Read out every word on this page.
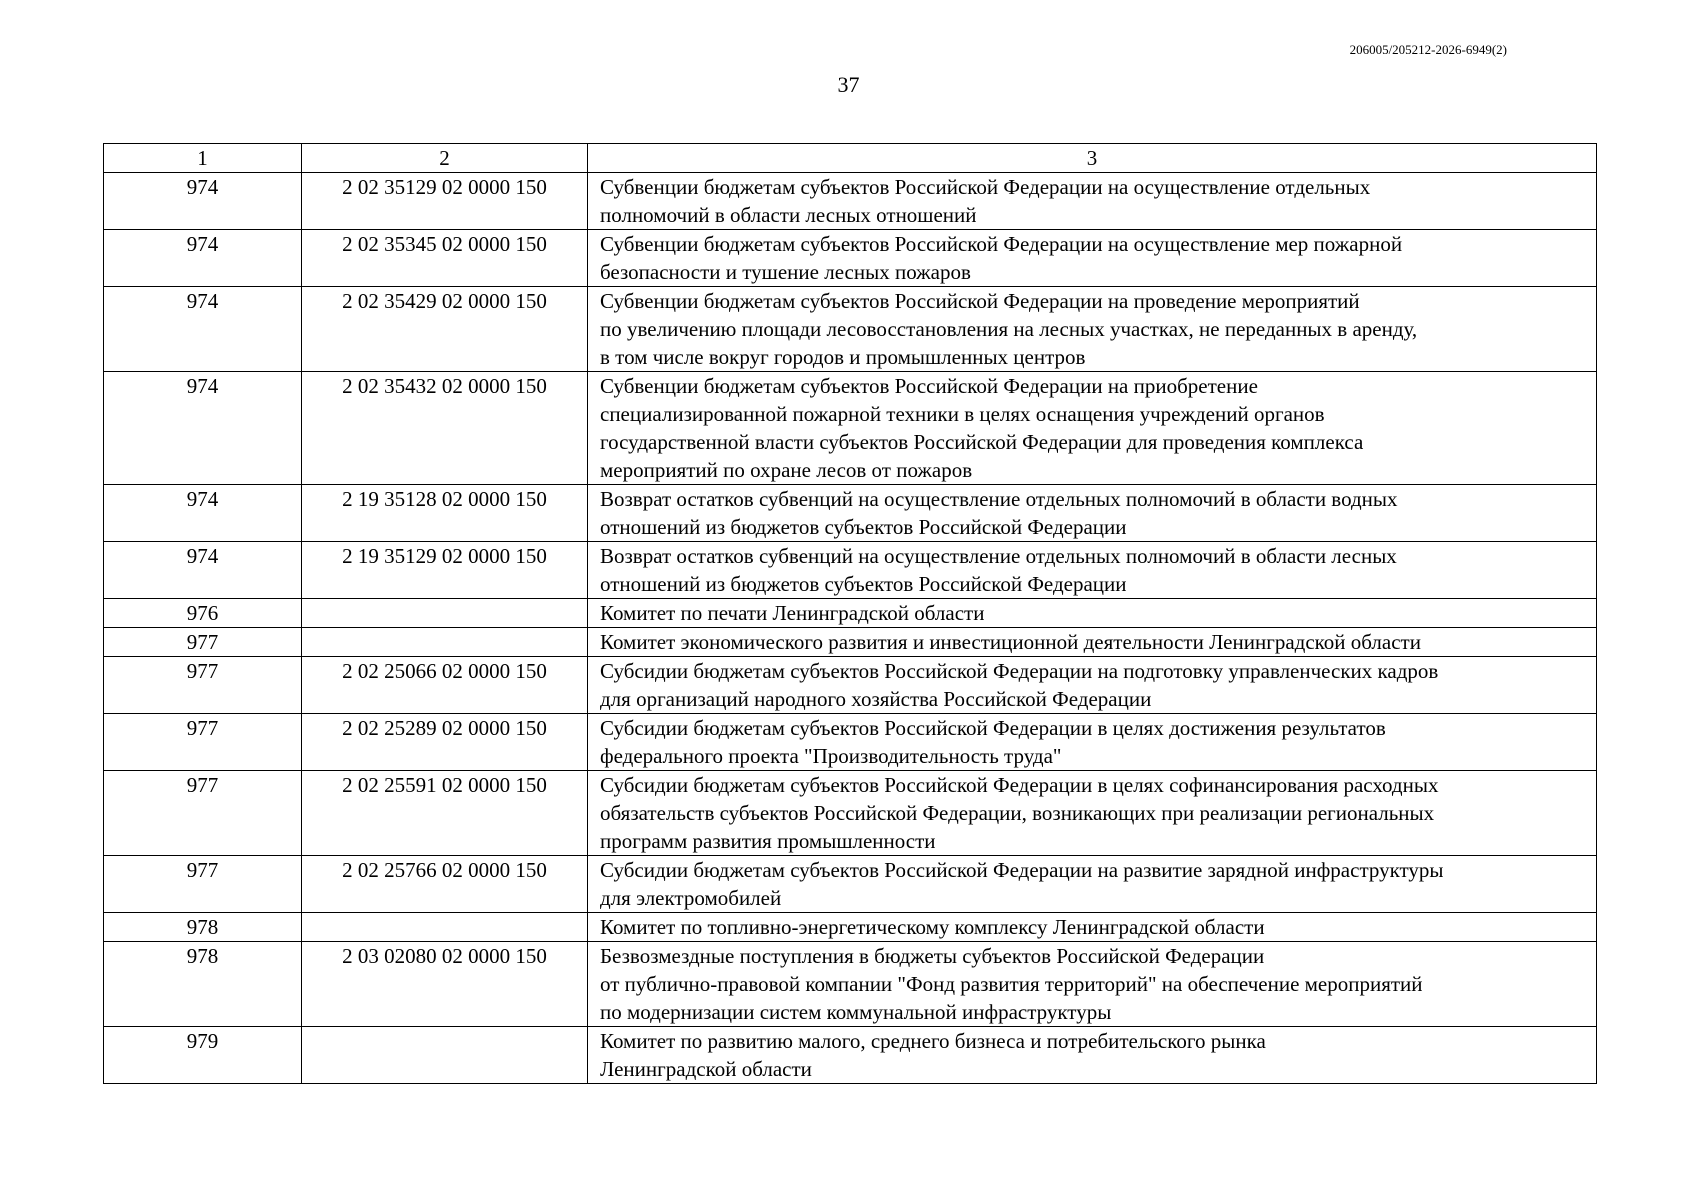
206005/205212-2026-6949(2)
37
1	2	3
974	2 02 35129 02 0000 150	Субвенции бюджетам субъектов Российской Федерации на осуществление отдельных
полномочий в области лесных отношений

974	2 02 35345 02 0000 150	Субвенции бюджетам субъектов Российской Федерации на осуществление мер пожарной
безопасности и тушение лесных пожаров

974	2 02 35429 02 0000 150	Субвенции бюджетам субъектов Российской Федерации на проведение мероприятий
по увеличению площади лесовосстановления на лесных участках, не переданных в аренду,
в том числе вокруг городов и промышленных центров

974	2 02 35432 02 0000 150	Субвенции бюджетам субъектов Российской Федерации на приобретение
специализированной пожарной техники в целях оснащения учреждений органов
государственной власти субъектов Российской Федерации для проведения комплекса
мероприятий по охране лесов от пожаров

974	2 19 35128 02 0000 150	Возврат остатков субвенций на осуществление отдельных полномочий в области водных
отношений из бюджетов субъектов Российской Федерации

974	2 19 35129 02 0000 150	Возврат остатков субвенций на осуществление отдельных полномочий в области лесных
отношений из бюджетов субъектов Российской Федерации

976		Комитет по печати Ленинградской области

977		Комитет экономического развития и инвестиционной деятельности Ленинградской области

977	2 02 25066 02 0000 150	Субсидии бюджетам субъектов Российской Федерации на подготовку управленческих кадров
для организаций народного хозяйства Российской Федерации

977	2 02 25289 02 0000 150	Субсидии бюджетам субъектов Российской Федерации в целях достижения результатов
федерального проекта "Производительность труда"

977	2 02 25591 02 0000 150	Субсидии бюджетам субъектов Российской Федерации в целях софинансирования расходных
обязательств субъектов Российской Федерации, возникающих при реализации региональных
программ развития промышленности

977	2 02 25766 02 0000 150	Субсидии бюджетам субъектов Российской Федерации на развитие зарядной инфраструктуры
для электромобилей

978		Комитет по топливно-энергетическому комплексу Ленинградской области

978	2 03 02080 02 0000 150	Безвозмездные поступления в бюджеты субъектов Российской Федерации
от публично-правовой компании "Фонд развития территорий" на обеспечение мероприятий
по модернизации систем коммунальной инфраструктуры

979		Комитет по развитию малого, среднего бизнеса и потребительского рынка
Ленинградской области
